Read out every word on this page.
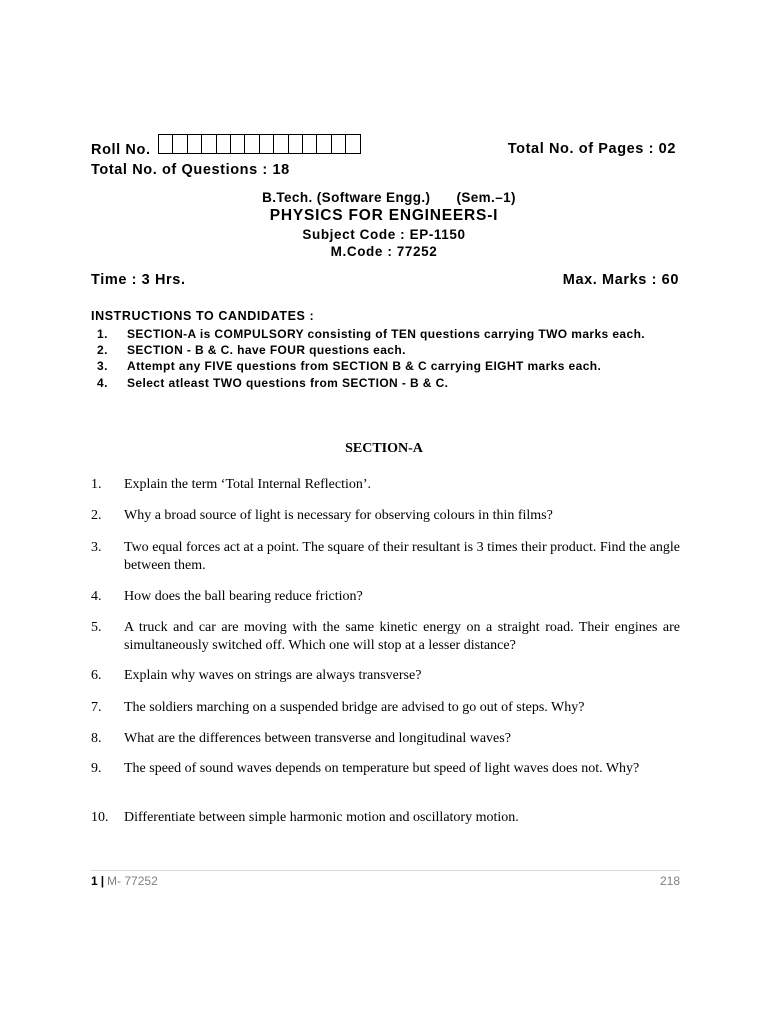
Roll No.	Total No. of Pages : 02
Total No. of Questions : 18
B.Tech. (Software Engg.) (Sem.–1)
PHYSICS FOR ENGINEERS-I
Subject Code : EP-1150
M.Code : 77252
Time : 3 Hrs.	Max. Marks : 60
INSTRUCTIONS TO CANDIDATES :
1. SECTION-A is COMPULSORY consisting of TEN questions carrying TWO marks each.
2. SECTION - B & C. have FOUR questions each.
3. Attempt any FIVE questions from SECTION B & C carrying EIGHT marks each.
4. Select atleast TWO questions from SECTION - B & C.
SECTION-A
1. Explain the term ‘Total Internal Reflection’.
2. Why a broad source of light is necessary for observing colours in thin films?
3. Two equal forces act at a point. The square of their resultant is 3 times their product. Find the angle between them.
4. How does the ball bearing reduce friction?
5. A truck and car are moving with the same kinetic energy on a straight road. Their engines are simultaneously switched off. Which one will stop at a lesser distance?
6. Explain why waves on strings are always transverse?
7. The soldiers marching on a suspended bridge are advised to go out of steps. Why?
8. What are the differences between transverse and longitudinal waves?
9. The speed of sound waves depends on temperature but speed of light waves does not. Why?
10. Differentiate between simple harmonic motion and oscillatory motion.
1 | M- 77252	218
